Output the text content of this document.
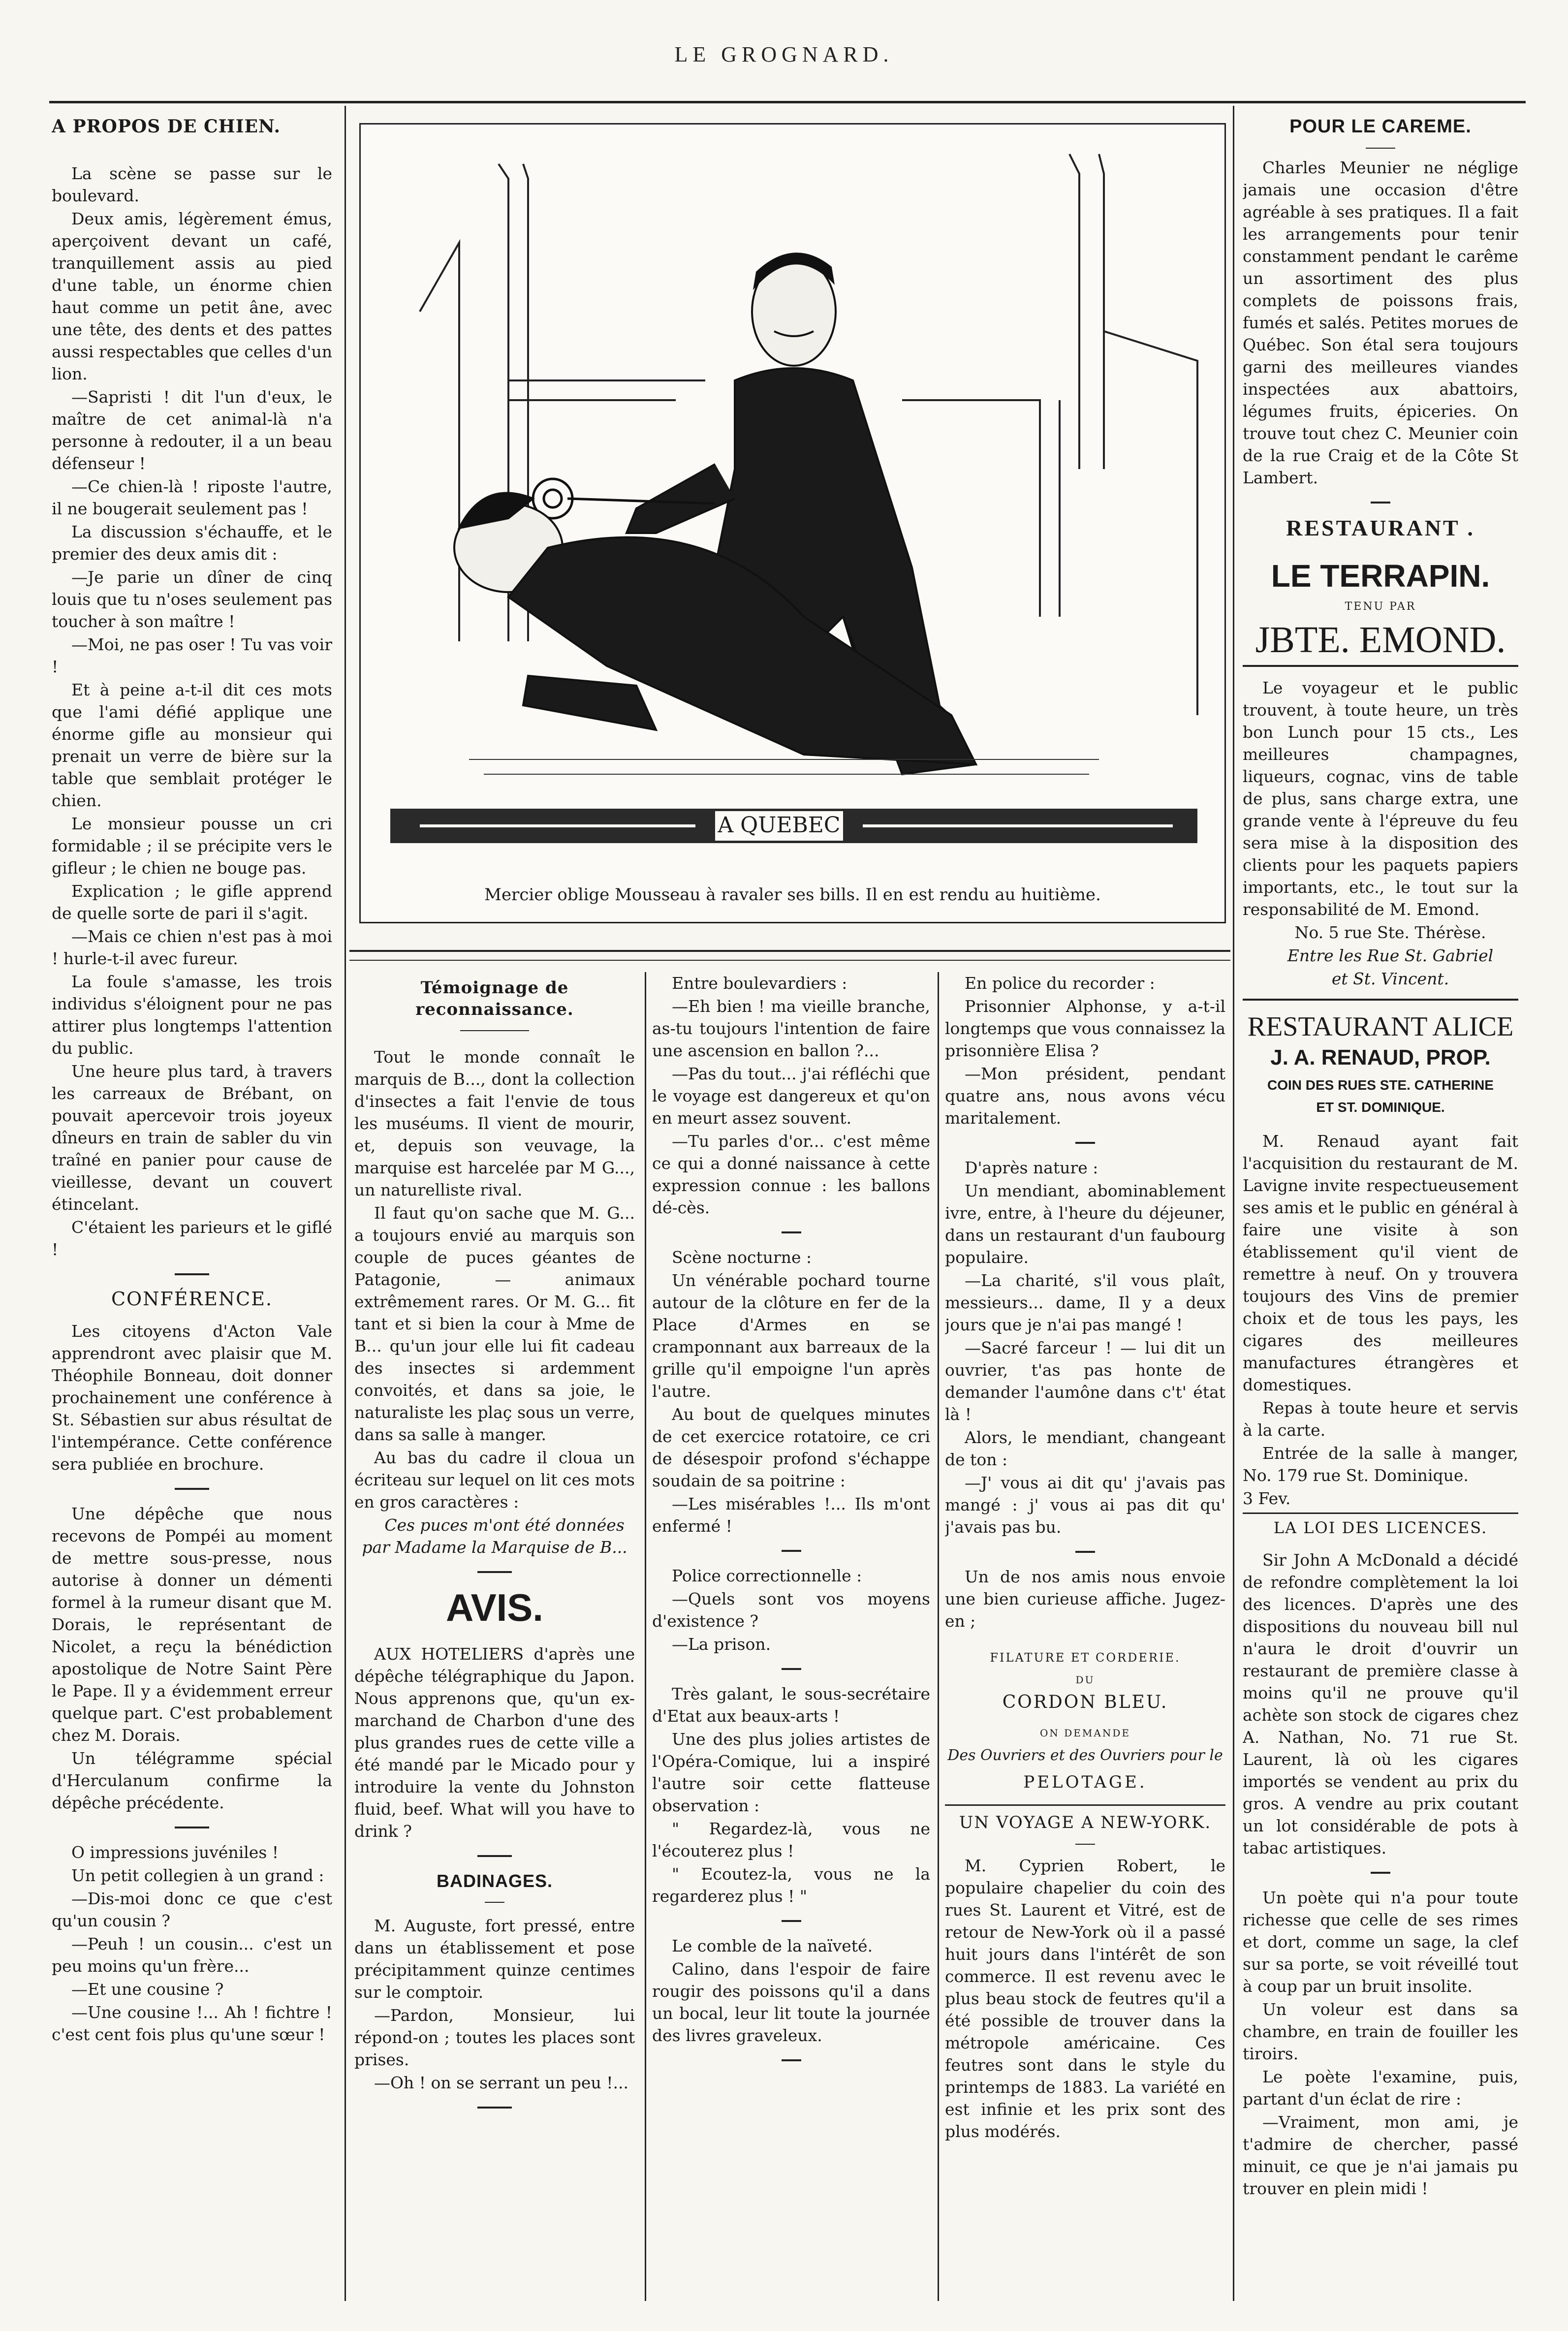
LE GROGNARD.
A PROPOS DE CHIEN.

La scène se passe sur le boulevard.

Deux amis, légèrement émus, aperçoivent devant un café, tranquillement assis au pied d'une table, un énorme chien haut comme un petit âne, avec une tête, des dents et des pattes aussi respectables que celles d'un lion.

—Sapristi ! dit l'un d'eux, le maître de cet animal-là n'a personne à redouter, il a un beau défenseur !

—Ce chien-là ! riposte l'autre, il ne bougerait seulement pas !

La discussion s'échauffe, et le premier des deux amis dit :

—Je parie un dîner de cinq louis que tu n'oses seulement pas toucher à son maître !

—Moi, ne pas oser ! Tu vas voir !

Et à peine a-t-il dit ces mots que l'ami défié applique une énorme gifle au monsieur qui prenait un verre de bière sur la table que semblait protéger le chien.

Le monsieur pousse un cri formidable ; il se précipite vers le gifleur ; le chien ne bouge pas.

Explication ; le gifle apprend de quelle sorte de pari il s'agit.

—Mais ce chien n'est pas à moi ! hurle-t-il avec fureur.

La foule s'amasse, les trois individus s'éloignent pour ne pas attirer plus longtemps l'attention du public.

Une heure plus tard, à travers les carreaux de Brébant, on pouvait apercevoir trois joyeux dîneurs en train de sabler du vin traîné en panier pour cause de vieillesse, devant un couvert étincelant.

C'étaient les parieurs et le giflé !

CONFÉRENCE.

Les citoyens d'Acton Vale apprendront avec plaisir que M. Théophile Bonneau, doit donner prochainement une conférence à St. Sébastien sur abus résultat de l'intempérance. Cette conférence sera publiée en brochure.

Une dépêche que nous recevons de Pompéi au moment de mettre sous-presse, nous autorise à donner un démenti formel à la rumeur disant que M. Dorais, le représentant de Nicolet, a reçu la bénédiction apostolique de Notre Saint Père le Pape. Il y a évidemment erreur quelque part. C'est probablement chez M. Dorais.

Un télégramme spécial d'Herculanum confirme la dépêche précédente.

O impressions juvéniles !

Un petit collegien à un grand :

—Dis-moi donc ce que c'est qu'un cousin ?

—Peuh ! un cousin... c'est un peu moins qu'un frère...

—Et une cousine ?

—Une cousine !... Ah ! fichtre ! c'est cent fois plus qu'une sœur !

A QUEBEC
Mercier oblige Mousseau à ravaler ses bills. Il en est rendu au huitième.
Témoignage de reconnaissance.

Tout le monde connaît le marquis de B..., dont la collection d'insectes a fait l'envie de tous les muséums. Il vient de mourir, et, depuis son veuvage, la marquise est harcelée par M G..., un naturelliste rival.

Il faut qu'on sache que M. G... a toujours envié au marquis son couple de puces géantes de Patagonie, — animaux extrêmement rares. Or M. G... fit tant et si bien la cour à Mme de B... qu'un jour elle lui fit cadeau des insectes si ardemment convoités, et dans sa joie, le naturaliste les plaç sous un verre, dans sa salle à manger.

Au bas du cadre il cloua un écriteau sur lequel on lit ces mots en gros caractères :

Ces puces m'ont été données par Madame la Marquise de B...

AVIS.

AUX HOTELIERS d'après une dépêche télégraphique du Japon. Nous apprenons que, qu'un ex-marchand de Charbon d'une des plus grandes rues de cette ville a été mandé par le Micado pour y introduire la vente du Johnston fluid, beef. What will you have to drink ?

BADINAGES.

M. Auguste, fort pressé, entre dans un établissement et pose précipitamment quinze centimes sur le comptoir.

—Pardon, Monsieur, lui répond-on ; toutes les places sont prises.

—Oh ! on se serrant un peu !...

Entre boulevardiers :

—Eh bien ! ma vieille branche, as-tu toujours l'intention de faire une ascension en ballon ?...

—Pas du tout... j'ai réfléchi que le voyage est dangereux et qu'on en meurt assez souvent.

—Tu parles d'or... c'est même ce qui a donné naissance à cette expression connue : les ballons dé-cès.

Scène nocturne :

Un vénérable pochard tourne autour de la clôture en fer de la Place d'Armes en se cramponnant aux barreaux de la grille qu'il empoigne l'un après l'autre.

Au bout de quelques minutes de cet exercice rotatoire, ce cri de désespoir profond s'échappe soudain de sa poitrine :

—Les misérables !... Ils m'ont enfermé !

Police correctionnelle :

—Quels sont vos moyens d'existence ?

—La prison.

Très galant, le sous-secrétaire d'Etat aux beaux-arts !

Une des plus jolies artistes de l'Opéra-Comique, lui a inspiré l'autre soir cette flatteuse observation :

" Regardez-là, vous ne l'écouterez plus !

" Ecoutez-la, vous ne la regarderez plus ! "

Le comble de la naïveté.

Calino, dans l'espoir de faire rougir des poissons qu'il a dans un bocal, leur lit toute la journée des livres graveleux.

En police du recorder :

Prisonnier Alphonse, y a-t-il longtemps que vous connaissez la prisonnière Elisa ?

—Mon président, pendant quatre ans, nous avons vécu maritalement.

D'après nature :

Un mendiant, abominablement ivre, entre, à l'heure du déjeuner, dans un restaurant d'un faubourg populaire.

—La charité, s'il vous plaît, messieurs... dame, Il y a deux jours que je n'ai pas mangé !

—Sacré farceur ! — lui dit un ouvrier, t'as pas honte de demander l'aumône dans c't' état là !

Alors, le mendiant, changeant de ton :

—J' vous ai dit qu' j'avais pas mangé : j' vous ai pas dit qu' j'avais pas bu.

Un de nos amis nous envoie une bien curieuse affiche. Jugez-en ;

FILATURE ET CORDERIE.
DU
CORDON BLEU.
ON DEMANDE
Des Ouvriers et des Ouvriers pour le
PELOTAGE.
UN VOYAGE A NEW-YORK.

M. Cyprien Robert, le populaire chapelier du coin des rues St. Laurent et Vitré, est de retour de New-York où il a passé huit jours dans l'intérêt de son commerce. Il est revenu avec le plus beau stock de feutres qu'il a été possible de trouver dans la métropole américaine. Ces feutres sont dans le style du printemps de 1883. La variété en est infinie et les prix sont des plus modérés.

POUR LE CAREME.

Charles Meunier ne néglige jamais une occasion d'être agréable à ses pratiques. Il a fait les arrangements pour tenir constamment pendant le carême un assortiment des plus complets de poissons frais, fumés et salés. Petites morues de Québec. Son étal sera toujours garni des meilleures viandes inspectées aux abattoirs, légumes fruits, épiceries. On trouve tout chez C. Meunier coin de la rue Craig et de la Côte St Lambert.

RESTAURANT .
LE TERRAPIN.
TENU PAR
JBTE. EMOND.

Le voyageur et le public trouvent, à toute heure, un très bon Lunch pour 15 cts., Les meilleures champagnes, liqueurs, cognac, vins de table de plus, sans charge extra, une grande vente à l'épreuve du feu sera mise à la disposition des clients pour les paquets papiers importants, etc., le tout sur la responsabilité de M. Emond.

No. 5 rue Ste. Thérèse.

Entre les Rue St. Gabriel

et St. Vincent.

RESTAURANT ALICE
J. A. RENAUD, PROP.
COIN DES RUES STE. CATHERINE
ET ST. DOMINIQUE.

M. Renaud ayant fait l'acquisition du restaurant de M. Lavigne invite respectueusement ses amis et le public en général à faire une visite à son établissement qu'il vient de remettre à neuf. On y trouvera toujours des Vins de premier choix et de tous les pays, les cigares des meilleures manufactures étrangères et domestiques.

Repas à toute heure et servis à la carte.

Entrée de la salle à manger, No. 179 rue St. Dominique.

3 Fev.

LA LOI DES LICENCES.

Sir John A McDonald a décidé de refondre complètement la loi des licences. D'après une des dispositions du nouveau bill nul n'aura le droit d'ouvrir un restaurant de première classe à moins qu'il ne prouve qu'il achète son stock de cigares chez A. Nathan, No. 71 rue St. Laurent, là où les cigares importés se vendent au prix du gros. A vendre au prix coutant un lot considérable de pots à tabac artistiques.

Un poète qui n'a pour toute richesse que celle de ses rimes et dort, comme un sage, la clef sur sa porte, se voit réveillé tout à coup par un bruit insolite.

Un voleur est dans sa chambre, en train de fouiller les tiroirs.

Le poète l'examine, puis, partant d'un éclat de rire :

—Vraiment, mon ami, je t'admire de chercher, passé minuit, ce que je n'ai jamais pu trouver en plein midi !
